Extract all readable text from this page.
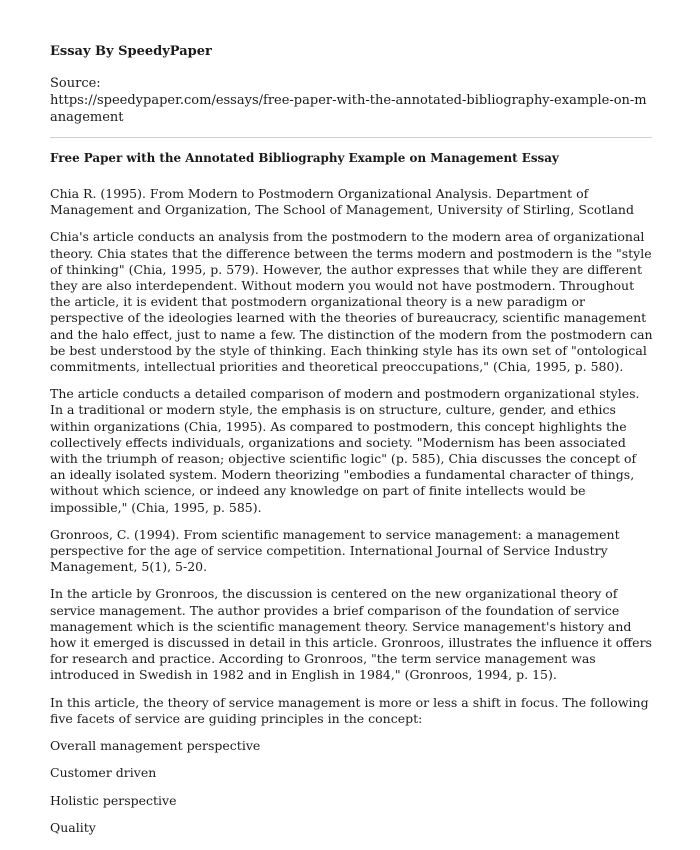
Essay By SpeedyPaper

Source:

https://speedypaper.com/essays/free-paper-with-the-annotated-bibliography-example-on-management

Free Paper with the Annotated Bibliography Example on Management Essay

Chia R. (1995). From Modern to Postmodern Organizational Analysis. Department of Management and Organization, The School of Management, University of Stirling, Scotland

Chia's article conducts an analysis from the postmodern to the modern area of organizational theory. Chia states that the difference between the terms modern and postmodern is the "style of thinking" (Chia, 1995, p. 579). However, the author expresses that while they are different they are also interdependent. Without modern you would not have postmodern. Throughout the article, it is evident that postmodern organizational theory is a new paradigm or perspective of the ideologies learned with the theories of bureaucracy, scientific management and the halo effect, just to name a few. The distinction of the modern from the postmodern can be best understood by the style of thinking. Each thinking style has its own set of "ontological commitments, intellectual priorities and theoretical preoccupations," (Chia, 1995, p. 580).

The article conducts a detailed comparison of modern and postmodern organizational styles. In a traditional or modern style, the emphasis is on structure, culture, gender, and ethics within organizations (Chia, 1995). As compared to postmodern, this concept highlights the collectively effects individuals, organizations and society. "Modernism has been associated with the triumph of reason; objective scientific logic" (p. 585), Chia discusses the concept of an ideally isolated system. Modern theorizing "embodies a fundamental character of things, without which science, or indeed any knowledge on part of finite intellects would be impossible," (Chia, 1995, p. 585).

Gronroos, C. (1994). From scientific management to service management: a management perspective for the age of service competition. International Journal of Service Industry Management, 5(1), 5-20.

In the article by Gronroos, the discussion is centered on the new organizational theory of service management. The author provides a brief comparison of the foundation of service management which is the scientific management theory. Service management's history and how it emerged is discussed in detail in this article. Gronroos, illustrates the influence it offers for research and practice. According to Gronroos, "the term service management was introduced in Swedish in 1982 and in English in 1984," (Gronroos, 1994, p. 15).

In this article, the theory of service management is more or less a shift in focus. The following five facets of service are guiding principles in the concept:

Overall management perspective

Customer driven

Holistic perspective

Quality
